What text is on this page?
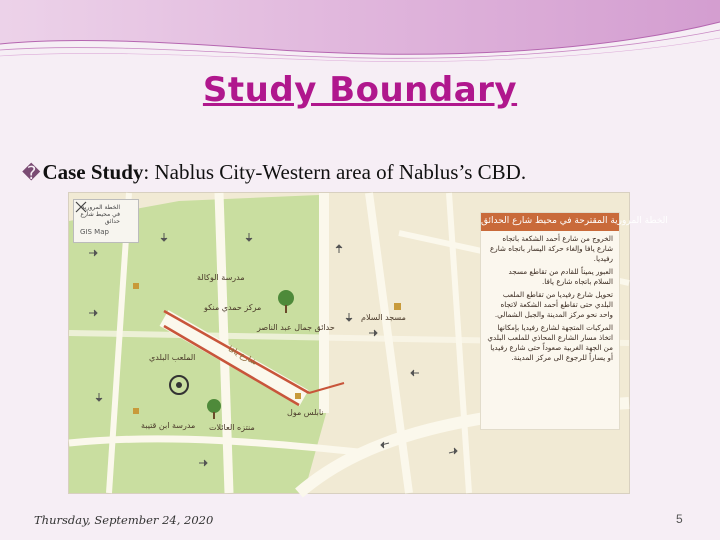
Study Boundary
�Case Study: Nablus City-Western area of Nablus’s CBD.
الخطة المرورية في محيط شارع حدائق
GIS Map
مدرسة الوكالة
مركز حمدي منكو
حدائق جمال عبد الناصر
الملعب البلدي
مسجد السلام
مدرسة ابن قتيبة منتزه العائلات
نابلس مول
شارع يافا
الخطة المرورية المقترحة في محيط شارع الحدائق
الخروج من شارع أحمد الشكعة باتجاه شارع يافا وإلغاء حركة اليسار باتجاه شارع رفيديا.
العبور يميناً للقادم من تقاطع مسجد السلام باتجاه شارع يافا.
تحويل شارع رفيديا من تقاطع الملعب البلدي حتى تقاطع أحمد الشكعة لاتجاه واحد نحو مركز المدينة والجبل الشمالي.
المركبات المتجهة لشارع رفيديا بإمكانها اتخاذ مسار الشارع المحاذي للملعب البلدي من الجهة الغربية صعوداً حتى شارع رفيديا أو يساراً للرجوع الى مركز المدينة.
Thursday, September 24, 2020	5
